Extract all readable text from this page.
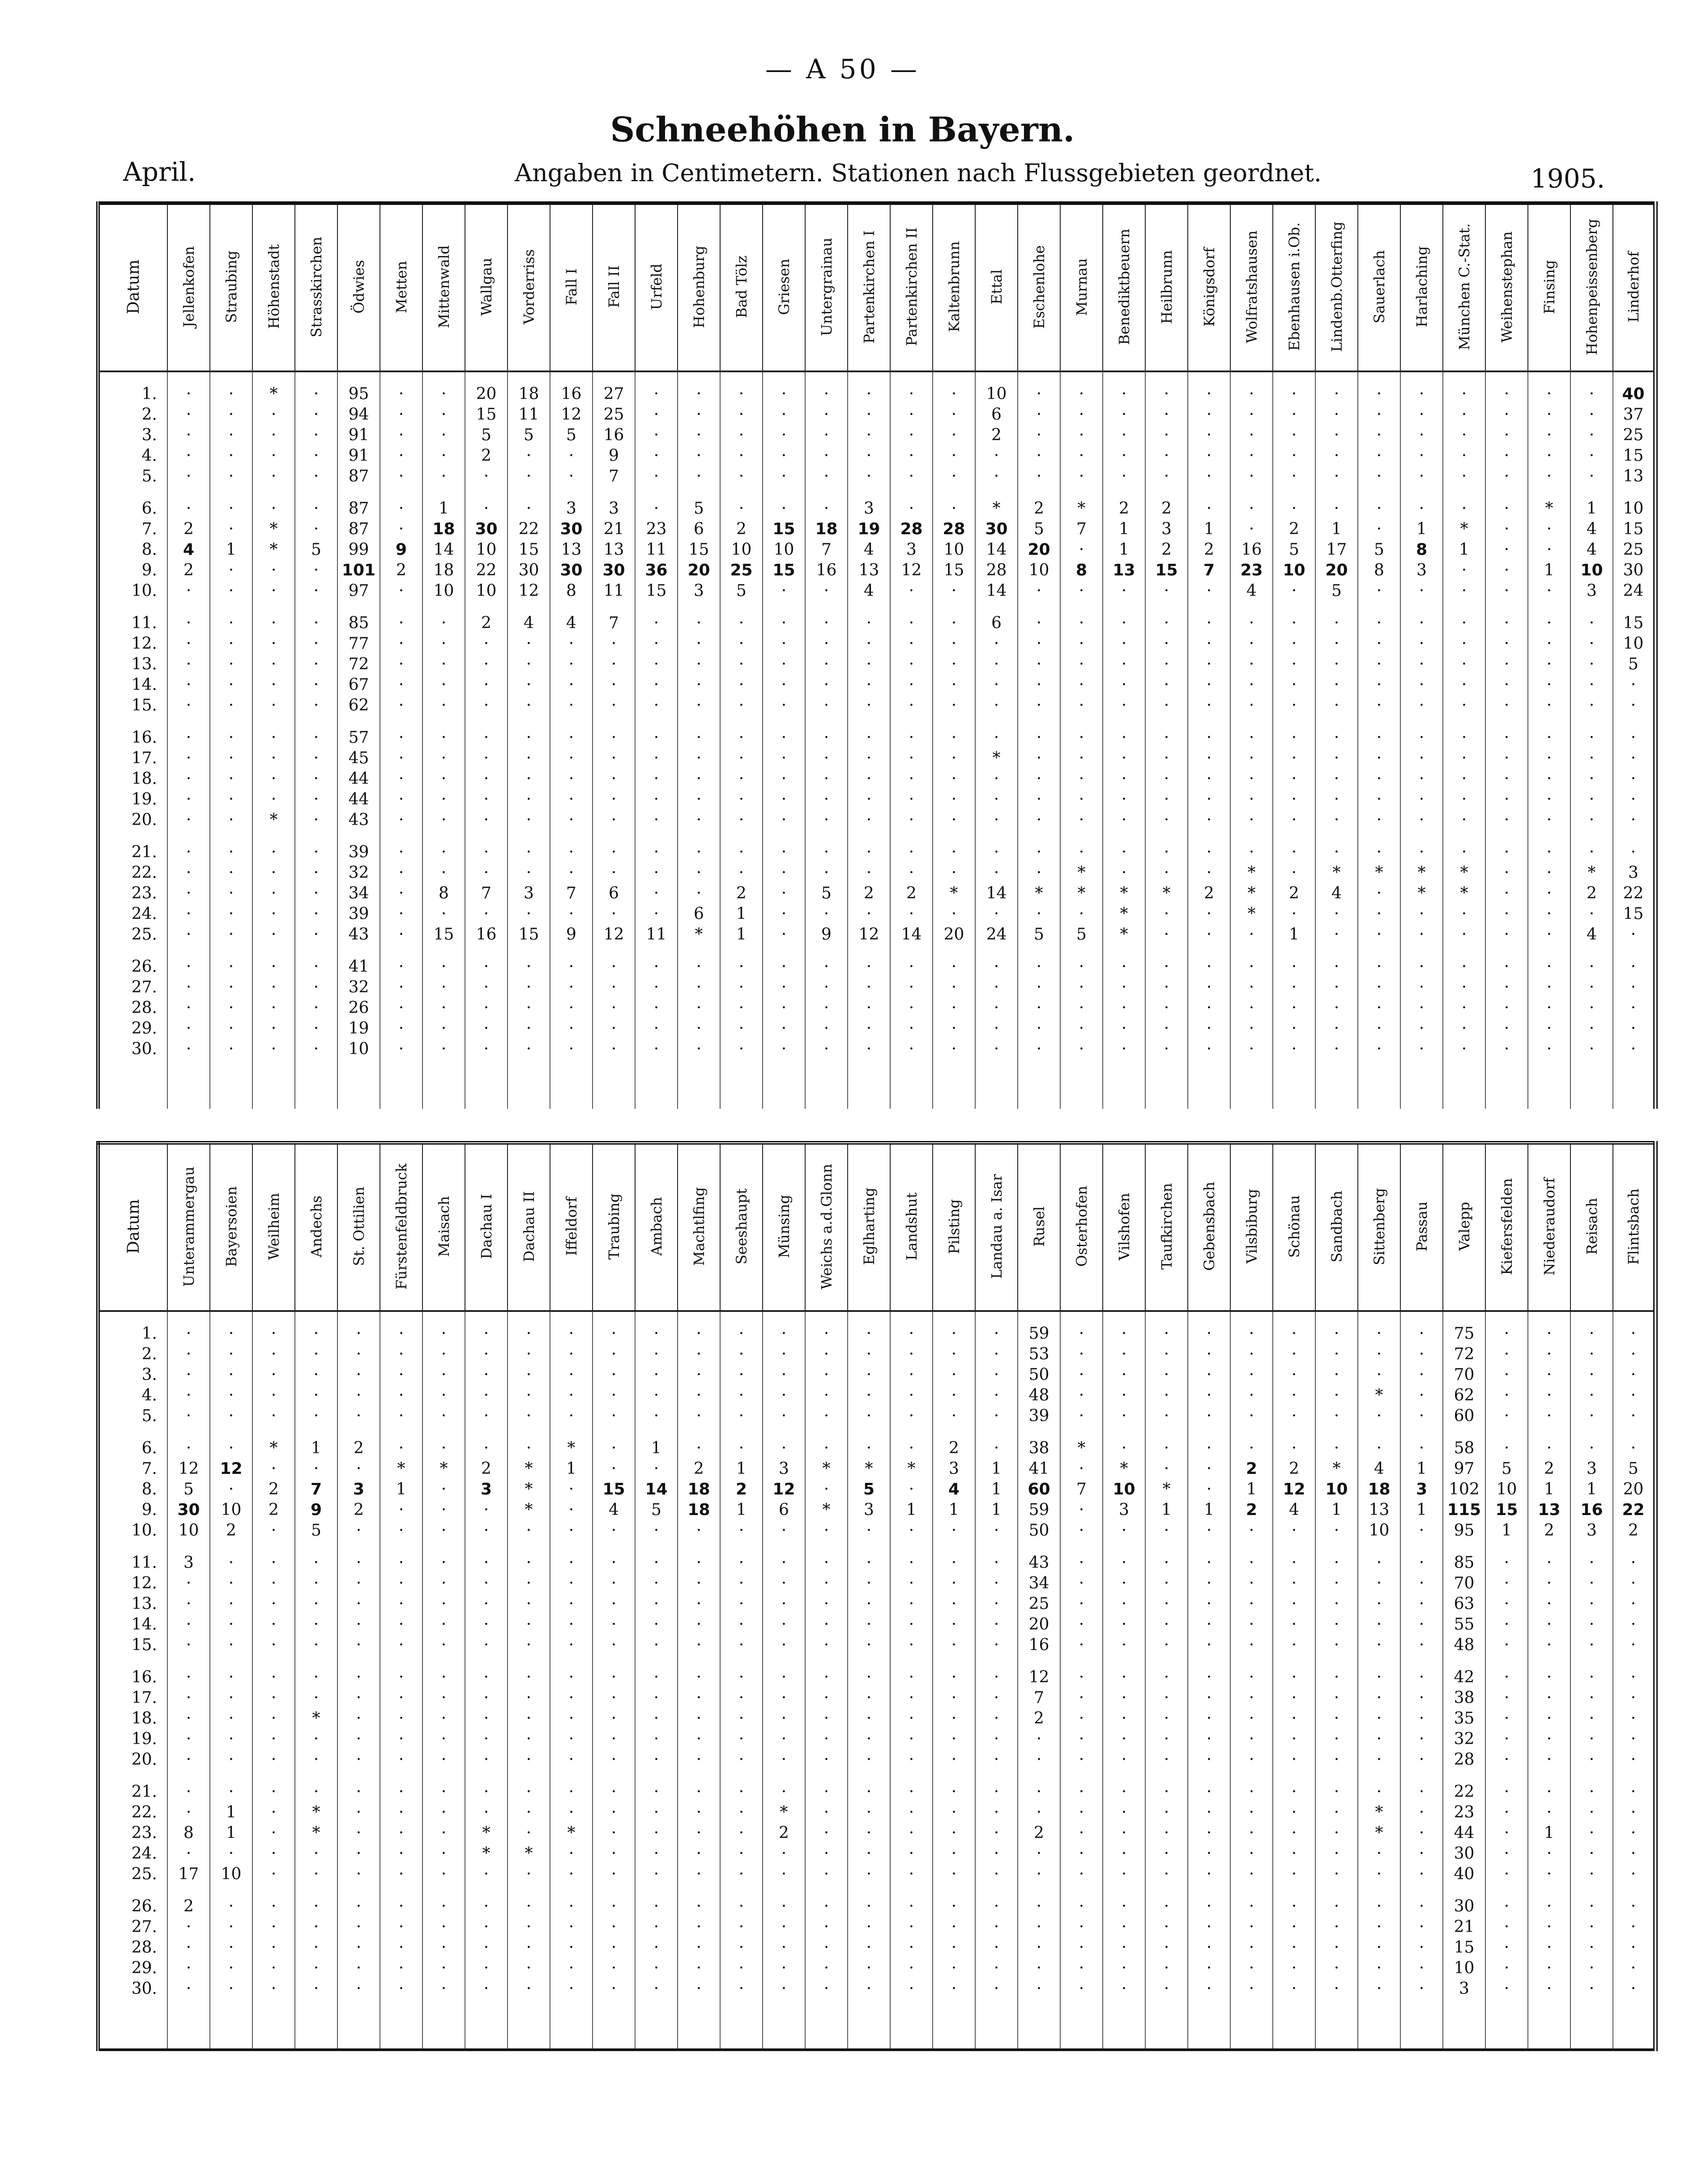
— A 50 —
Schneehöhen in Bayern.
April.	Angaben in Centimetern. Stationen nach Flussgebieten geordnet.	1905.
Datum	Jellenkofen	Straubing	Höhenstadt	Strasskirchen	Ödwies	Metten	Mittenwald	Wallgau	Vorderriss	Fall I	Fall II	Urfeld	Hohenburg	Bad Tölz	Griesen	Untergrainau	Partenkirchen I	Partenkirchen II	Kaltenbrunn	Ettal	Eschenlohe	Murnau	Benediktbeuern	Heilbrunn	Königsdorf	Wolfratshausen	Ebenhausen i.Ob.	Lindenb.Otterfing	Sauerlach	Harlaching	München C.-Stat.	Weihenstephan	Finsing	Hohenpeissenberg	Linderhof

1.	·	·	*	·	95	·	·	20	18	16	27	·	·	·	·	·	·	·	·	10	·	·	·	·	·	·	·	·	·	·	·	·	·	·	40
2.	·	·	·	·	94	·	·	15	11	12	25	·	·	·	·	·	·	·	·	6	·	·	·	·	·	·	·	·	·	·	·	·	·	·	37
3.	·	·	·	·	91	·	·	5	5	5	16	·	·	·	·	·	·	·	·	2	·	·	·	·	·	·	·	·	·	·	·	·	·	·	25
4.	·	·	·	·	91	·	·	2	·	·	9	·	·	·	·	·	·	·	·	·	·	·	·	·	·	·	·	·	·	·	·	·	·	·	15
5.	·	·	·	·	87	·	·	·	·	·	7	·	·	·	·	·	·	·	·	·	·	·	·	·	·	·	·	·	·	·	·	·	·	·	13

6.	·	·	·	·	87	·	1	·	·	3	3	·	5	·	·	·	3	·	·	*	2	*	2	2	·	·	·	·	·	·	·	·	*	1	10
7.	2	·	*	·	87	·	18	30	22	30	21	23	6	2	15	18	19	28	28	30	5	7	1	3	1	·	2	1	·	1	*	·	·	4	15
8.	4	1	*	5	99	9	14	10	15	13	13	11	15	10	10	7	4	3	10	14	20	·	1	2	2	16	5	17	5	8	1	·	·	4	25
9.	2	·	·	·	101	2	18	22	30	30	30	36	20	25	15	16	13	12	15	28	10	8	13	15	7	23	10	20	8	3	·	·	1	10	30
10.	·	·	·	·	97	·	10	10	12	8	11	15	3	5	·	·	4	·	·	14	·	·	·	·	·	4	·	5	·	·	·	·	·	3	24

11.	·	·	·	·	85	·	·	2	4	4	7	·	·	·	·	·	·	·	·	6	·	·	·	·	·	·	·	·	·	·	·	·	·	·	15
12.	·	·	·	·	77	·	·	·	·	·	·	·	·	·	·	·	·	·	·	·	·	·	·	·	·	·	·	·	·	·	·	·	·	·	10
13.	·	·	·	·	72	·	·	·	·	·	·	·	·	·	·	·	·	·	·	·	·	·	·	·	·	·	·	·	·	·	·	·	·	·	5
14.	·	·	·	·	67	·	·	·	·	·	·	·	·	·	·	·	·	·	·	·	·	·	·	·	·	·	·	·	·	·	·	·	·	·	·
15.	·	·	·	·	62	·	·	·	·	·	·	·	·	·	·	·	·	·	·	·	·	·	·	·	·	·	·	·	·	·	·	·	·	·	·

16.	·	·	·	·	57	·	·	·	·	·	·	·	·	·	·	·	·	·	·	·	·	·	·	·	·	·	·	·	·	·	·	·	·	·	·
17.	·	·	·	·	45	·	·	·	·	·	·	·	·	·	·	·	·	·	·	*	·	·	·	·	·	·	·	·	·	·	·	·	·	·	·
18.	·	·	·	·	44	·	·	·	·	·	·	·	·	·	·	·	·	·	·	·	·	·	·	·	·	·	·	·	·	·	·	·	·	·	·
19.	·	·	·	·	44	·	·	·	·	·	·	·	·	·	·	·	·	·	·	·	·	·	·	·	·	·	·	·	·	·	·	·	·	·	·
20.	·	·	*	·	43	·	·	·	·	·	·	·	·	·	·	·	·	·	·	·	·	·	·	·	·	·	·	·	·	·	·	·	·	·	·

21.	·	·	·	·	39	·	·	·	·	·	·	·	·	·	·	·	·	·	·	·	·	·	·	·	·	·	·	·	·	·	·	·	·	·	·
22.	·	·	·	·	32	·	·	·	·	·	·	·	·	·	·	·	·	·	·	·	·	*	·	·	·	*	·	*	*	*	*	·	·	*	3
23.	·	·	·	·	34	·	8	7	3	7	6	·	·	2	·	5	2	2	*	14	*	*	*	*	2	*	2	4	·	*	*	·	·	2	22
24.	·	·	·	·	39	·	·	·	·	·	·	·	6	1	·	·	·	·	·	·	·	·	*	·	·	*	·	·	·	·	·	·	·	·	15
25.	·	·	·	·	43	·	15	16	15	9	12	11	*	1	·	9	12	14	20	24	5	5	*	·	·	·	1	·	·	·	·	·	·	4	·

26.	·	·	·	·	41	·	·	·	·	·	·	·	·	·	·	·	·	·	·	·	·	·	·	·	·	·	·	·	·	·	·	·	·	·	·
27.	·	·	·	·	32	·	·	·	·	·	·	·	·	·	·	·	·	·	·	·	·	·	·	·	·	·	·	·	·	·	·	·	·	·	·
28.	·	·	·	·	26	·	·	·	·	·	·	·	·	·	·	·	·	·	·	·	·	·	·	·	·	·	·	·	·	·	·	·	·	·	·
29.	·	·	·	·	19	·	·	·	·	·	·	·	·	·	·	·	·	·	·	·	·	·	·	·	·	·	·	·	·	·	·	·	·	·	·
30.	·	·	·	·	10	·	·	·	·	·	·	·	·	·	·	·	·	·	·	·	·	·	·	·	·	·	·	·	·	·	·	·	·	·	·

Datum	Unterammergau	Bayersoien	Weilheim	Andechs	St. Ottilien	Fürstenfeldbruck	Maisach	Dachau I	Dachau II	Iffeldorf	Traubing	Ambach	Machtlfing	Seeshaupt	Münsing	Weichs a.d.Glonn	Eglharting	Landshut	Pilsting	Landau a. Isar	Rusel	Osterhofen	Vilshofen	Taufkirchen	Gebensbach	Vilsbiburg	Schönau	Sandbach	Sittenberg	Passau	Valepp	Kiefersfelden	Niederaudorf	Reisach	Flintsbach

1.	·	·	·	·	·	·	·	·	·	·	·	·	·	·	·	·	·	·	·	·	59	·	·	·	·	·	·	·	·	·	75	·	·	·	·
2.	·	·	·	·	·	·	·	·	·	·	·	·	·	·	·	·	·	·	·	·	53	·	·	·	·	·	·	·	·	·	72	·	·	·	·
3.	·	·	·	·	·	·	·	·	·	·	·	·	·	·	·	·	·	·	·	·	50	·	·	·	·	·	·	·	·	·	70	·	·	·	·
4.	·	·	·	·	·	·	·	·	·	·	·	·	·	·	·	·	·	·	·	·	48	·	·	·	·	·	·	·	*	·	62	·	·	·	·
5.	·	·	·	·	·	·	·	·	·	·	·	·	·	·	·	·	·	·	·	·	39	·	·	·	·	·	·	·	·	·	60	·	·	·	·

6.	·	·	*	1	2	·	·	·	·	*	·	1	·	·	·	·	·	·	2	·	38	*	·	·	·	·	·	·	·	·	58	·	·	·	·
7.	12	12	·	·	·	*	*	2	*	1	·	·	2	1	3	*	*	*	3	1	41	·	*	·	·	2	2	*	4	1	97	5	2	3	5
8.	5	·	2	7	3	1	·	3	*	·	15	14	18	2	12	·	5	·	4	1	60	7	10	*	·	1	12	10	18	3	102	10	1	1	20
9.	30	10	2	9	2	·	·	·	*	·	4	5	18	1	6	*	3	1	1	1	59	·	3	1	1	2	4	1	13	1	115	15	13	16	22
10.	10	2	·	5	·	·	·	·	·	·	·	·	·	·	·	·	·	·	·	·	50	·	·	·	·	·	·	·	10	·	95	1	2	3	2

11.	3	·	·	·	·	·	·	·	·	·	·	·	·	·	·	·	·	·	·	·	43	·	·	·	·	·	·	·	·	·	85	·	·	·	·
12.	·	·	·	·	·	·	·	·	·	·	·	·	·	·	·	·	·	·	·	·	34	·	·	·	·	·	·	·	·	·	70	·	·	·	·
13.	·	·	·	·	·	·	·	·	·	·	·	·	·	·	·	·	·	·	·	·	25	·	·	·	·	·	·	·	·	·	63	·	·	·	·
14.	·	·	·	·	·	·	·	·	·	·	·	·	·	·	·	·	·	·	·	·	20	·	·	·	·	·	·	·	·	·	55	·	·	·	·
15.	·	·	·	·	·	·	·	·	·	·	·	·	·	·	·	·	·	·	·	·	16	·	·	·	·	·	·	·	·	·	48	·	·	·	·

16.	·	·	·	·	·	·	·	·	·	·	·	·	·	·	·	·	·	·	·	·	12	·	·	·	·	·	·	·	·	·	42	·	·	·	·
17.	·	·	·	·	·	·	·	·	·	·	·	·	·	·	·	·	·	·	·	·	7	·	·	·	·	·	·	·	·	·	38	·	·	·	·
18.	·	·	·	*	·	·	·	·	·	·	·	·	·	·	·	·	·	·	·	·	2	·	·	·	·	·	·	·	·	·	35	·	·	·	·
19.	·	·	·	·	·	·	·	·	·	·	·	·	·	·	·	·	·	·	·	·	·	·	·	·	·	·	·	·	·	·	32	·	·	·	·
20.	·	·	·	·	·	·	·	·	·	·	·	·	·	·	·	·	·	·	·	·	·	·	·	·	·	·	·	·	·	·	28	·	·	·	·

21.	·	·	·	·	·	·	·	·	·	·	·	·	·	·	·	·	·	·	·	·	·	·	·	·	·	·	·	·	·	·	22	·	·	·	·
22.	·	1	·	*	·	·	·	·	·	·	·	·	·	·	*	·	·	·	·	·	·	·	·	·	·	·	·	·	*	·	23	·	·	·	·
23.	8	1	·	*	·	·	·	*	·	*	·	·	·	·	2	·	·	·	·	·	2	·	·	·	·	·	·	·	*	·	44	·	1	·	·
24.	·	·	·	·	·	·	·	*	*	·	·	·	·	·	·	·	·	·	·	·	·	·	·	·	·	·	·	·	·	·	30	·	·	·	·
25.	17	10	·	·	·	·	·	·	·	·	·	·	·	·	·	·	·	·	·	·	·	·	·	·	·	·	·	·	·	·	40	·	·	·	·

26.	2	·	·	·	·	·	·	·	·	·	·	·	·	·	·	·	·	·	·	·	·	·	·	·	·	·	·	·	·	·	30	·	·	·	·
27.	·	·	·	·	·	·	·	·	·	·	·	·	·	·	·	·	·	·	·	·	·	·	·	·	·	·	·	·	·	·	21	·	·	·	·
28.	·	·	·	·	·	·	·	·	·	·	·	·	·	·	·	·	·	·	·	·	·	·	·	·	·	·	·	·	·	·	15	·	·	·	·
29.	·	·	·	·	·	·	·	·	·	·	·	·	·	·	·	·	·	·	·	·	·	·	·	·	·	·	·	·	·	·	10	·	·	·	·
30.	·	·	·	·	·	·	·	·	·	·	·	·	·	·	·	·	·	·	·	·	·	·	·	·	·	·	·	·	·	·	3	·	·	·	·
